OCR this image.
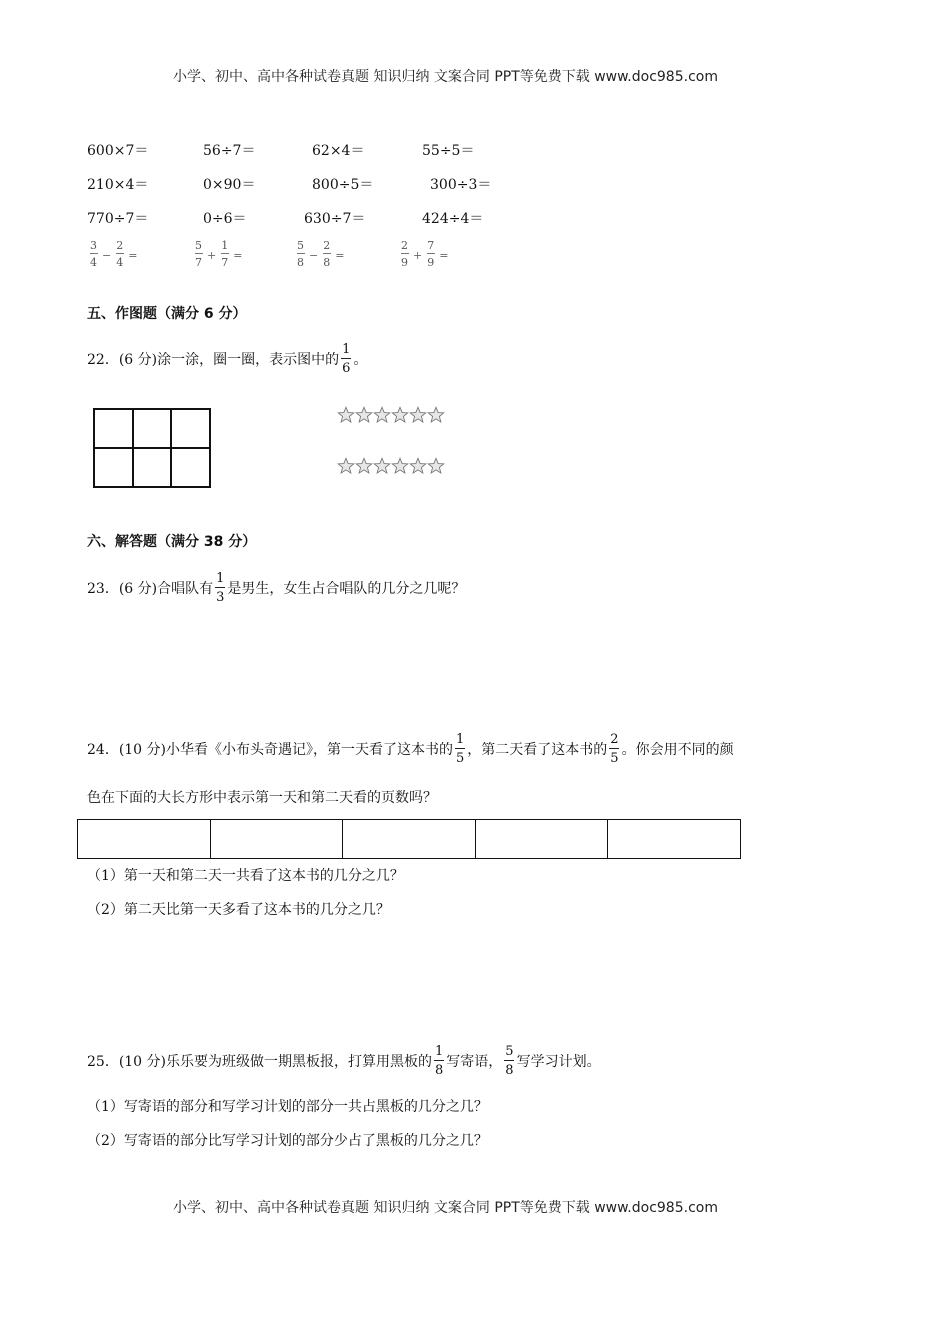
小学、初中、高中各种试卷真题 知识归纳 文案合同 PPT等免费下载 www.doc985.com
600×7＝	56÷7＝	62×4＝	55÷5＝
210×4＝	0×90＝	800÷5＝	300÷3＝
770÷7＝	0÷6＝	630÷7＝	424÷4＝
$\frac{3}{4} - \frac{2}{4}$ =	$\frac{5}{7} + \frac{1}{7}$ =	$\frac{5}{8} - \frac{2}{8}$ =	$\frac{2}{9} + \frac{7}{9}$ =
五、作图题（满分 6 分）
22．(6 分)涂一涂，圈一圈，表示图中的 $\frac{1}{6}$ 。
六、解答题（满分 38 分）
23．(6 分)合唱队有 $\frac{1}{3}$ 是男生，女生占合唱队的几分之几呢？
24．(10 分)小华看《小布头奇遇记》，第一天看了这本书的 $\frac{1}{5}$ ，第二天看了这本书的 $\frac{2}{5}$ 。你会用不同的颜
色在下面的大长方形中表示第一天和第二天看的页数吗？
（1）第一天和第二天一共看了这本书的几分之几？
（2）第二天比第一天多看了这本书的几分之几？
25．(10 分)乐乐要为班级做一期黑板报，打算用黑板的 $\frac{1}{8}$ 写寄语， $\frac{5}{8}$ 写学习计划。
（1）写寄语的部分和写学习计划的部分一共占黑板的几分之几？
（2）写寄语的部分比写学习计划的部分少占了黑板的几分之几？
小学、初中、高中各种试卷真题 知识归纳 文案合同 PPT等免费下载 www.doc985.com
